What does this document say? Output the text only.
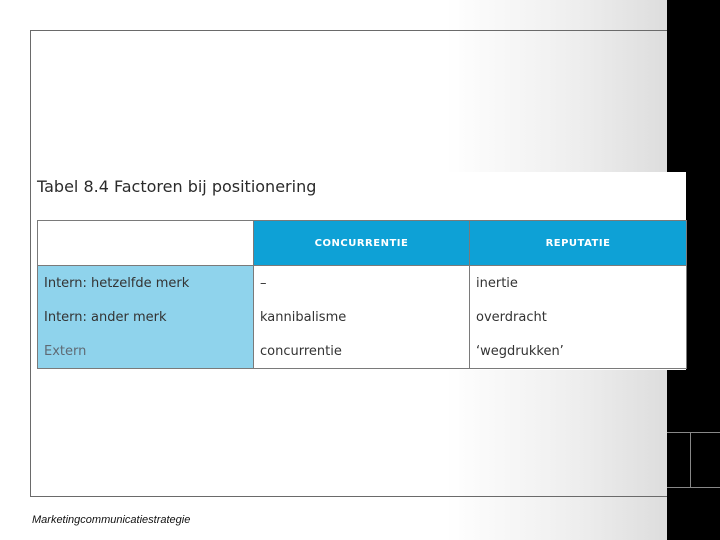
Tabel 8.4 Factoren bij positionering
	CONCURRENTIE	REPUTATIE
Intern: hetzelfde merk	–	inertie
Intern: ander merk	kannibalisme	overdracht
Extern	concurrentie	‘wegdrukken’
Marketingcommunicatiestrategie
